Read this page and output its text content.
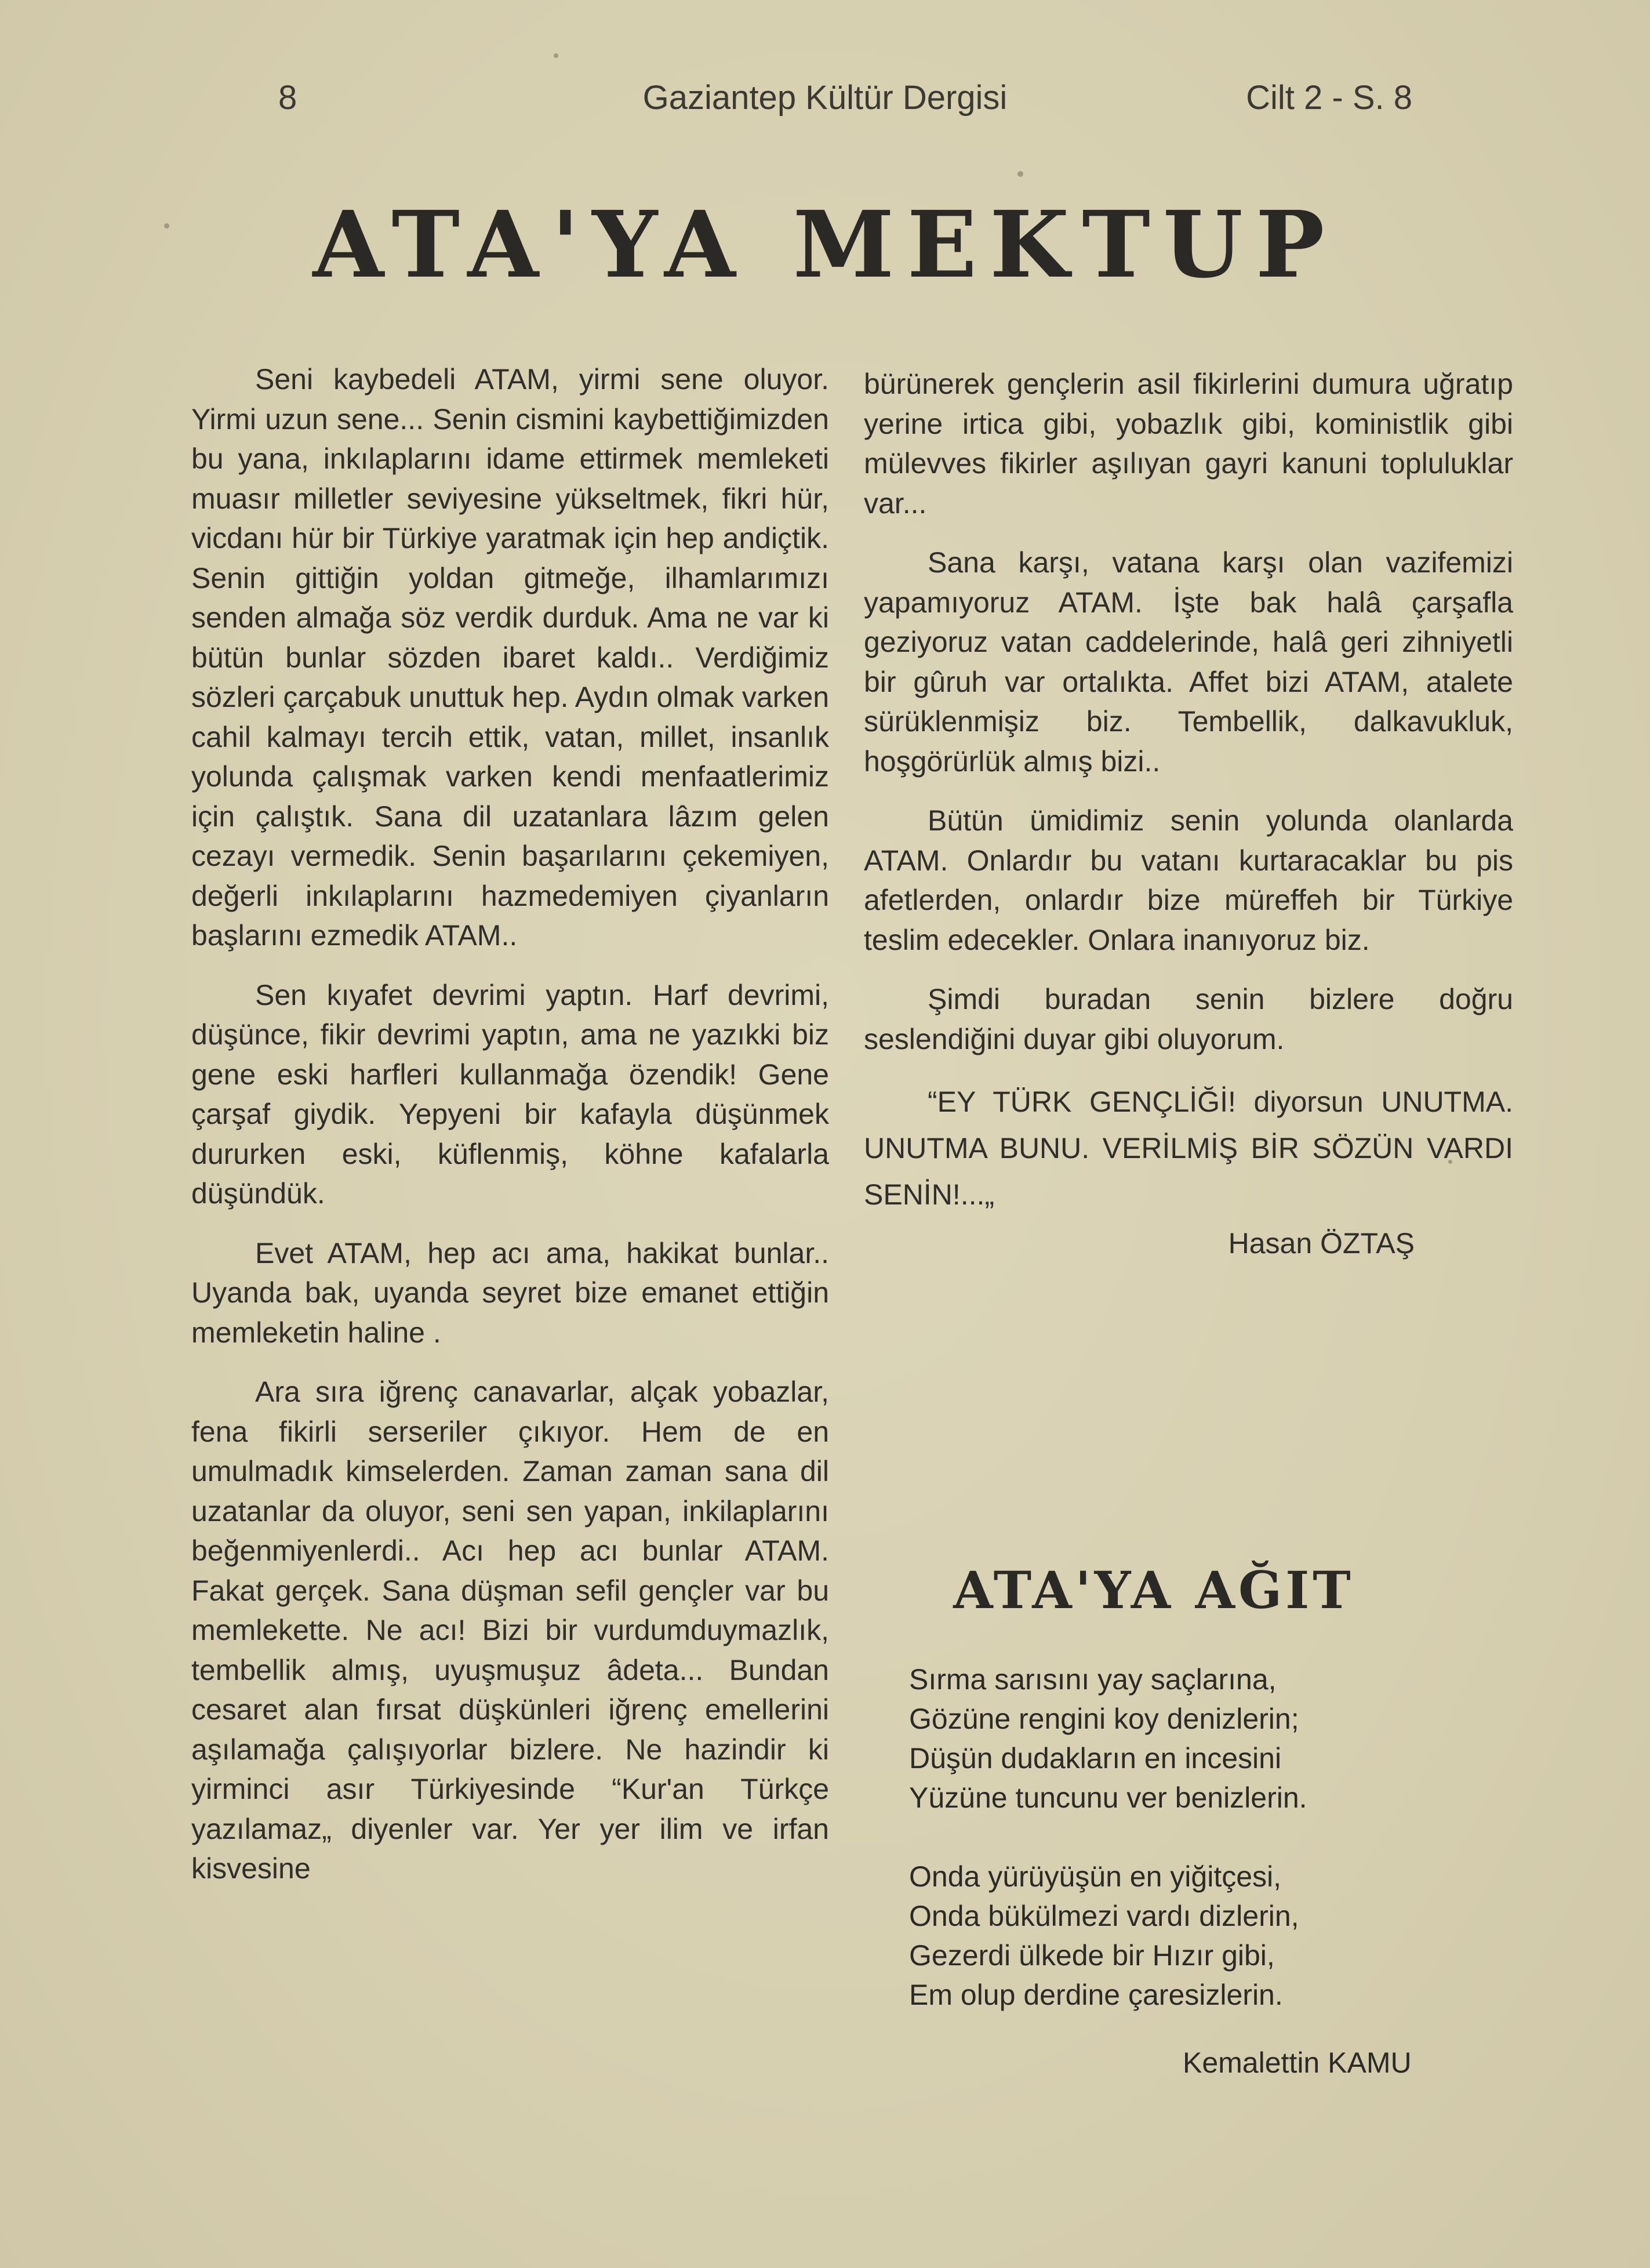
8	Gaziantep Kültür Dergisi	Cilt 2 - S. 8
ATA'YA MEKTUP

Seni kaybedeli ATAM, yirmi sene oluyor. Yirmi uzun sene... Senin cismini kaybettiğimizden bu yana, inkılaplarını idame ettirmek memleketi muasır milletler seviyesine yükseltmek, fikri hür, vicdanı hür bir Türkiye yaratmak için hep andiçtik. Senin gittiğin yoldan gitmeğe, ilhamlarımızı senden almağa söz verdik durduk. Ama ne var ki bütün bunlar sözden ibaret kaldı.. Verdiğimiz sözleri çarçabuk unuttuk hep. Aydın olmak varken cahil kalmayı tercih ettik, vatan, millet, insanlık yolunda çalışmak varken kendi menfaatlerimiz için çalıştık. Sana dil uzatanlara lâzım gelen cezayı vermedik. Senin başarılarını çekemiyen, değerli inkılaplarını hazmedemiyen çiyanların başlarını ezmedik ATAM..

Sen kıyafet devrimi yaptın. Harf devrimi, düşünce, fikir devrimi yaptın, ama ne yazıkki biz gene eski harfleri kullanmağa özendik! Gene çarşaf giydik. Yepyeni bir kafayla düşünmek dururken eski, küflenmiş, köhne kafalarla düşündük.

Evet ATAM, hep acı ama, hakikat bunlar.. Uyanda bak, uyanda seyret bize emanet ettiğin memleketin haline .

Ara sıra iğrenç canavarlar, alçak yobazlar, fena fikirli serseriler çıkıyor. Hem de en umulmadık kimselerden. Zaman zaman sana dil uzatanlar da oluyor, seni sen yapan, inkilaplarını beğenmiyenlerdi.. Acı hep acı bunlar ATAM. Fakat gerçek. Sana düşman sefil gençler var bu memlekette. Ne acı! Bizi bir vurdumduymazlık, tembellik almış, uyuşmuşuz âdeta... Bundan cesaret alan fırsat düşkünleri iğrenç emellerini aşılamağa çalışıyorlar bizlere. Ne hazindir ki yirminci asır Türkiyesinde “Kur'an Türkçe yazılamaz„ diyenler var. Yer yer ilim ve irfan kisvesine

bürünerek gençlerin asil fikirlerini dumura uğratıp yerine irtica gibi, yobazlık gibi, koministlik gibi mülevves fikirler aşılıyan gayri kanuni topluluklar var...

Sana karşı, vatana karşı olan vazifemizi yapamıyoruz ATAM. İşte bak halâ çarşafla geziyoruz vatan caddelerinde, halâ geri zihniyetli bir gûruh var ortalıkta. Affet bizi ATAM, atalete sürüklenmişiz biz. Tembellik, dalkavukluk, hoşgörürlük almış bizi..

Bütün ümidimiz senin yolunda olanlarda ATAM. Onlardır bu vatanı kurtaracaklar bu pis afetlerden, onlardır bize müreffeh bir Türkiye teslim edecekler. Onlara inanıyoruz biz.

Şimdi buradan senin bizlere doğru seslendiğini duyar gibi oluyorum.

“EY TÜRK GENÇLİĞİ! diyorsun UNUTMA. UNUTMA BUNU. VERİLMİŞ BİR SÖZÜN VARDI SENİN!...„

Hasan ÖZTAŞ
ATA'YA AĞIT
Sırma sarısını yay saçlarına,
Gözüne rengini koy denizlerin;
Düşün dudakların en incesini
Yüzüne tuncunu ver benizlerin.
Onda yürüyüşün en yiğitçesi,
Onda bükülmezi vardı dizlerin,
Gezerdi ülkede bir Hızır gibi,
Em olup derdine çaresizlerin.
Kemalettin KAMU
